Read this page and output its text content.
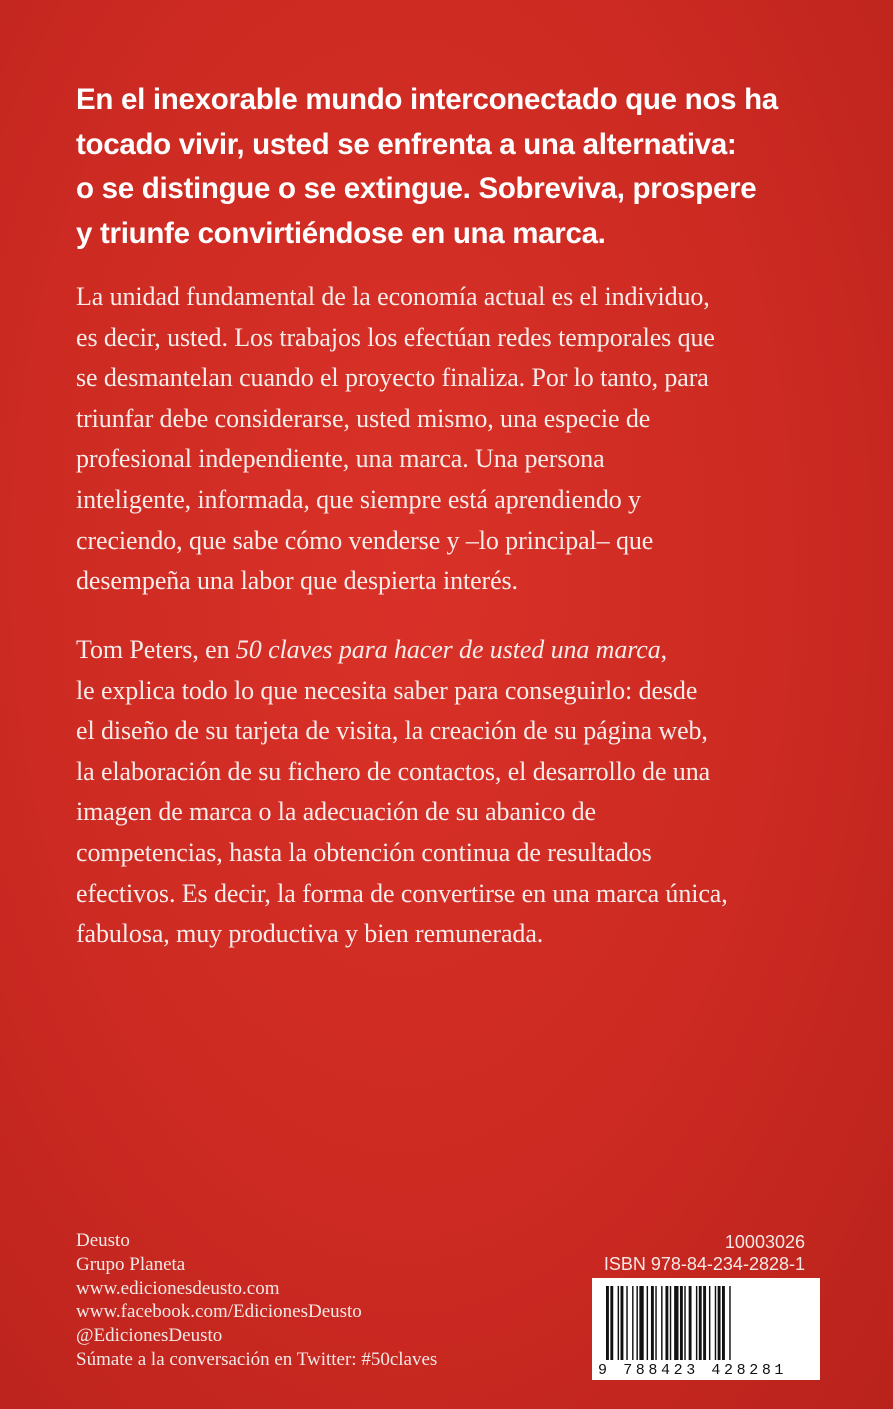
En el inexorable mundo interconectado que nos ha
tocado vivir, usted se enfrenta a una alternativa:
o se distingue o se extingue. Sobreviva, prospere
y triunfe convirtiéndose en una marca.
La unidad fundamental de la economía actual es el individuo,
es decir, usted. Los trabajos los efectúan redes temporales que
se desmantelan cuando el proyecto finaliza. Por lo tanto, para
triunfar debe considerarse, usted mismo, una especie de
profesional independiente, una marca. Una persona
inteligente, informada, que siempre está aprendiendo y
creciendo, que sabe cómo venderse y –lo principal– que
desempeña una labor que despierta interés.
Tom Peters, en 50 claves para hacer de usted una marca,
le explica todo lo que necesita saber para conseguirlo: desde
el diseño de su tarjeta de visita, la creación de su página web,
la elaboración de su fichero de contactos, el desarrollo de una
imagen de marca o la adecuación de su abanico de
competencias, hasta la obtención continua de resultados
efectivos. Es decir, la forma de convertirse en una marca única,
fabulosa, muy productiva y bien remunerada.
Deusto
Grupo Planeta
www.edicionesdeusto.com
www.facebook.com/EdicionesDeusto
@EdicionesDeusto
Súmate a la conversación en Twitter: #50claves
10003026
ISBN 978-84-234-2828-1
9 788423 428281
